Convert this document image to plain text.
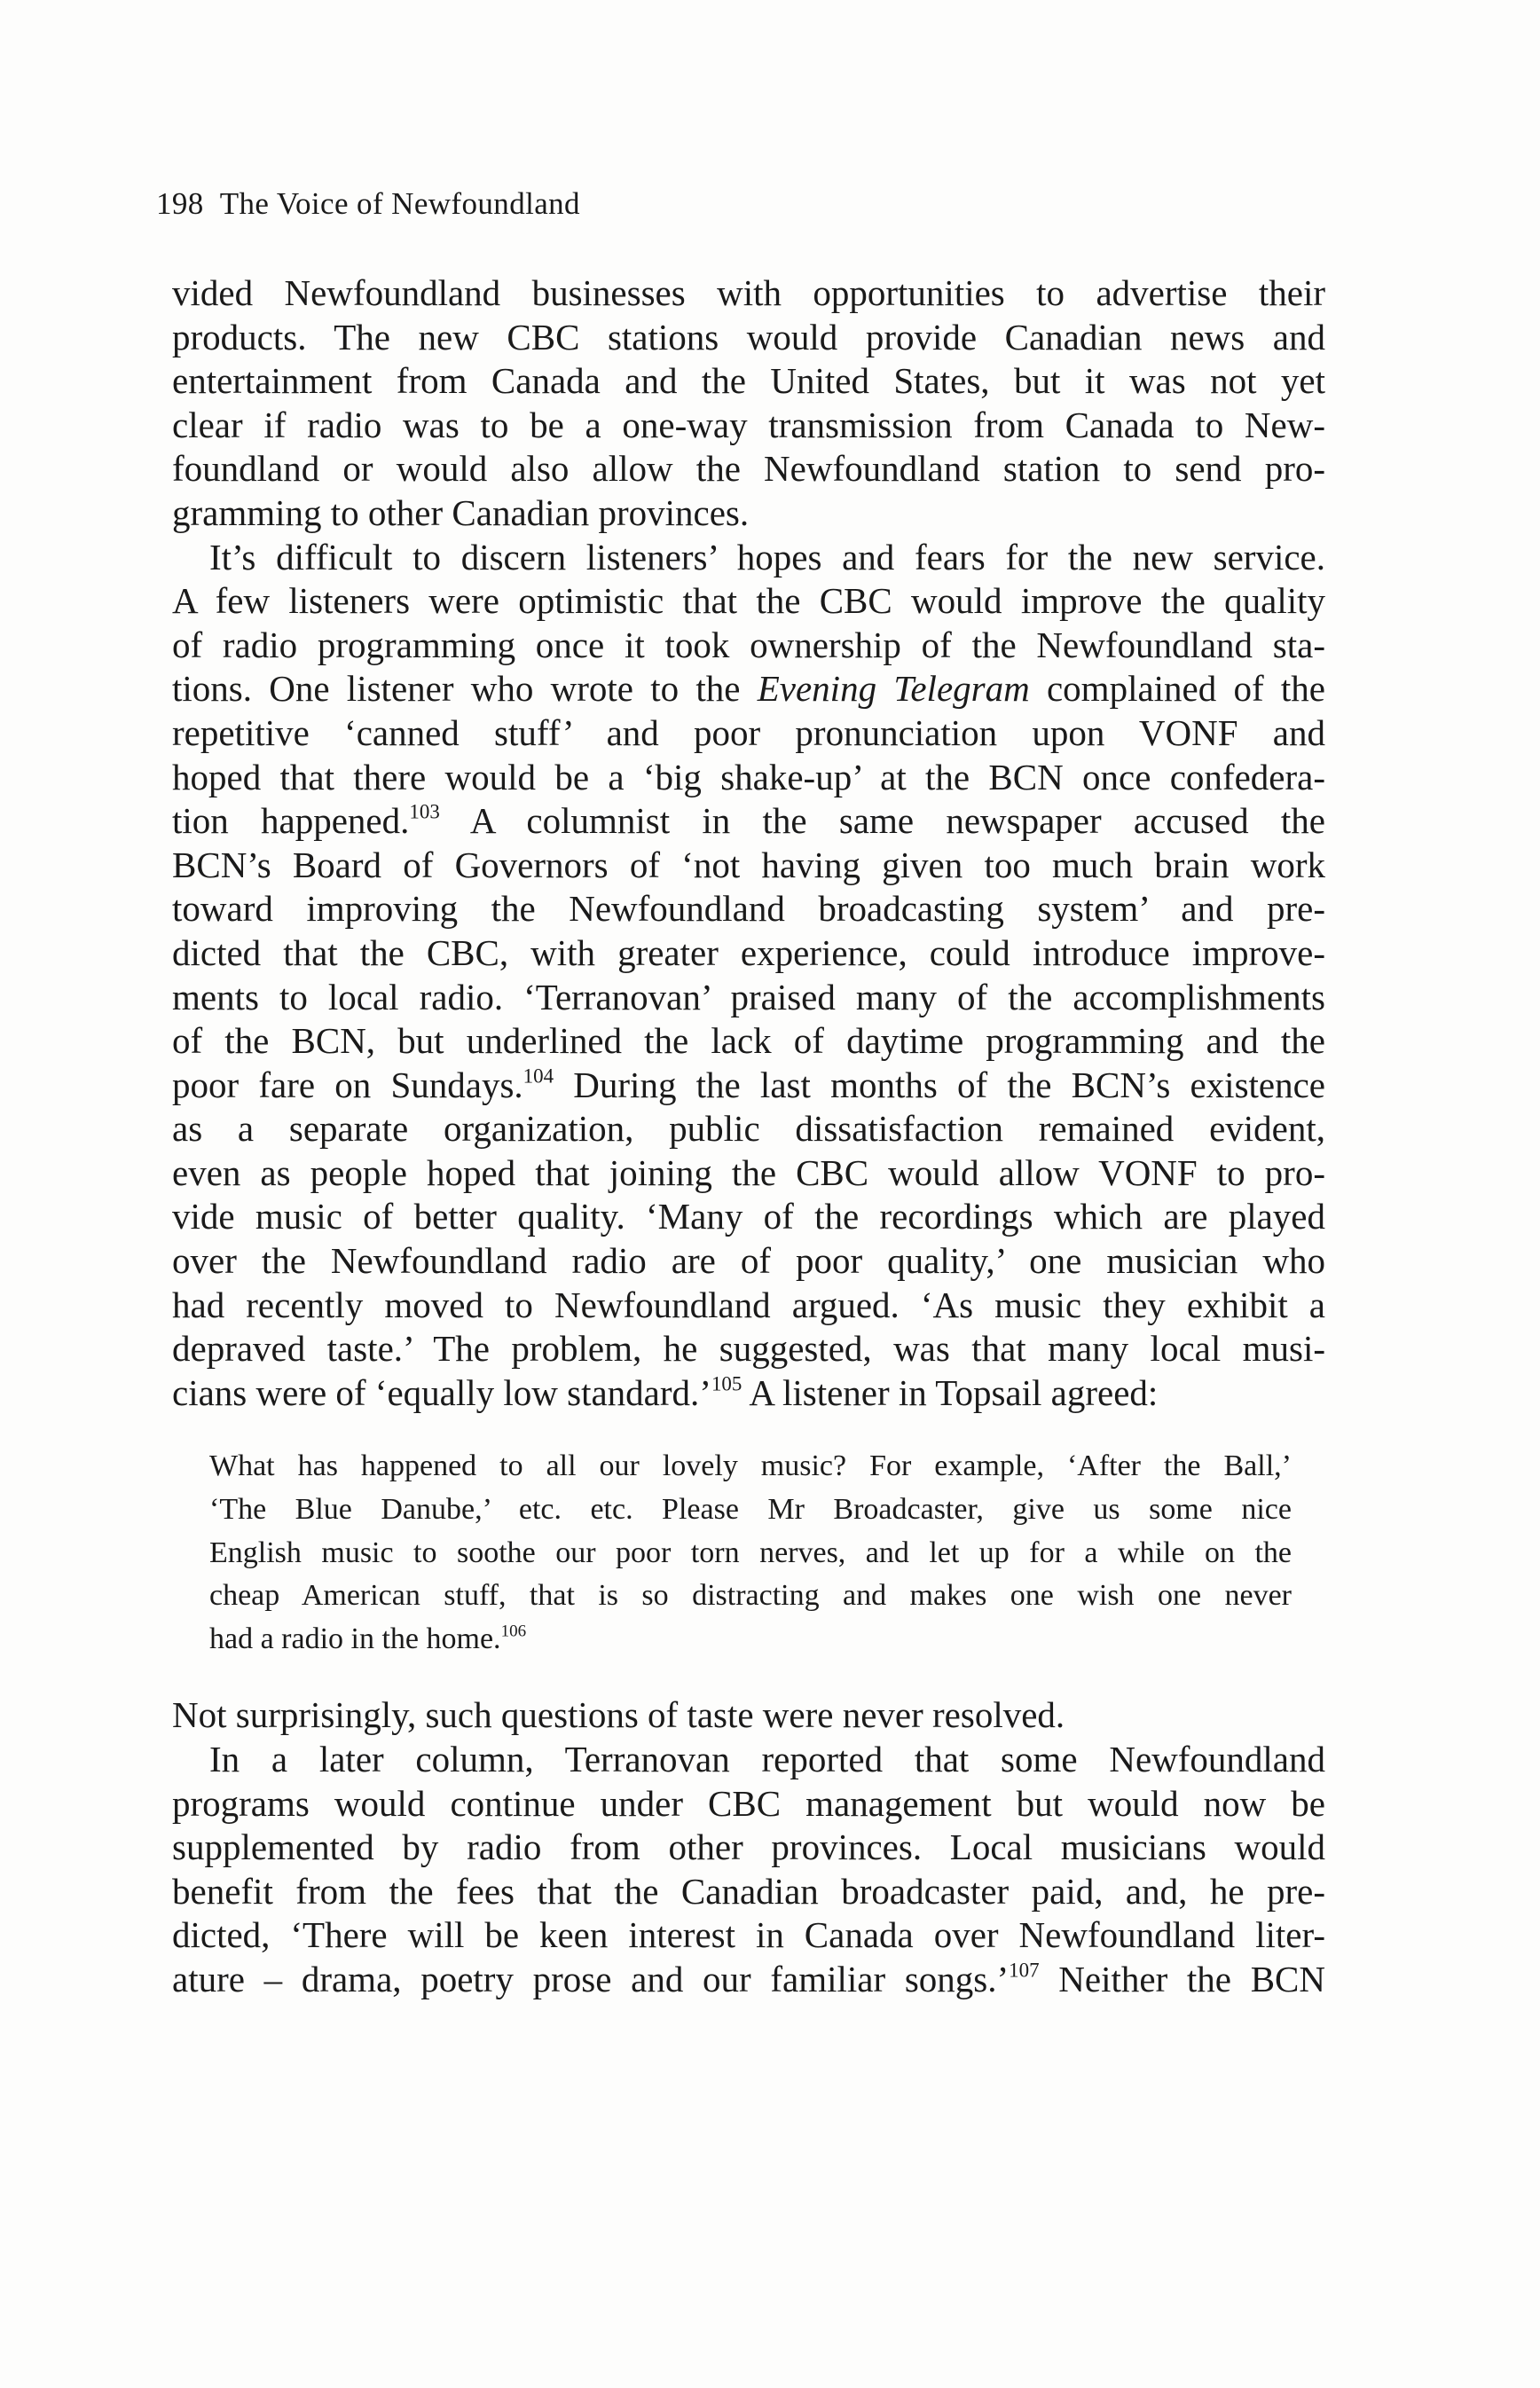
198 The Voice of Newfoundland
vided Newfoundland businesses with opportunities to advertise their
products. The new CBC stations would provide Canadian news and
entertainment from Canada and the United States, but it was not yet
clear if radio was to be a one-way transmission from Canada to New-
foundland or would also allow the Newfoundland station to send pro-
gramming to other Canadian provinces.
It’s difficult to discern listeners’ hopes and fears for the new service.
A few listeners were optimistic that the CBC would improve the quality
of radio programming once it took ownership of the Newfoundland sta-
tions. One listener who wrote to the Evening Telegram complained of the
repetitive ‘canned stuff’ and poor pronunciation upon VONF and
hoped that there would be a ‘big shake-up’ at the BCN once confedera-
tion happened.$^{103}$ A columnist in the same newspaper accused the
BCN’s Board of Governors of ‘not having given too much brain work
toward improving the Newfoundland broadcasting system’ and pre-
dicted that the CBC, with greater experience, could introduce improve-
ments to local radio. ‘Terranovan’ praised many of the accomplishments
of the BCN, but underlined the lack of daytime programming and the
poor fare on Sundays.$^{104}$ During the last months of the BCN’s existence
as a separate organization, public dissatisfaction remained evident,
even as people hoped that joining the CBC would allow VONF to pro-
vide music of better quality. ‘Many of the recordings which are played
over the Newfoundland radio are of poor quality,’ one musician who
had recently moved to Newfoundland argued. ‘As music they exhibit a
depraved taste.’ The problem, he suggested, was that many local musi-
cians were of ‘equally low standard.’$^{105}$ A listener in Topsail agreed:
What has happened to all our lovely music? For example, ‘After the Ball,’
‘The Blue Danube,’ etc. etc. Please Mr Broadcaster, give us some nice
English music to soothe our poor torn nerves, and let up for a while on the
cheap American stuff, that is so distracting and makes one wish one never
had a radio in the home.$^{106}$
Not surprisingly, such questions of taste were never resolved.
In a later column, Terranovan reported that some Newfoundland
programs would continue under CBC management but would now be
supplemented by radio from other provinces. Local musicians would
benefit from the fees that the Canadian broadcaster paid, and, he pre-
dicted, ‘There will be keen interest in Canada over Newfoundland liter-
ature – drama, poetry prose and our familiar songs.’$^{107}$ Neither the BCN
